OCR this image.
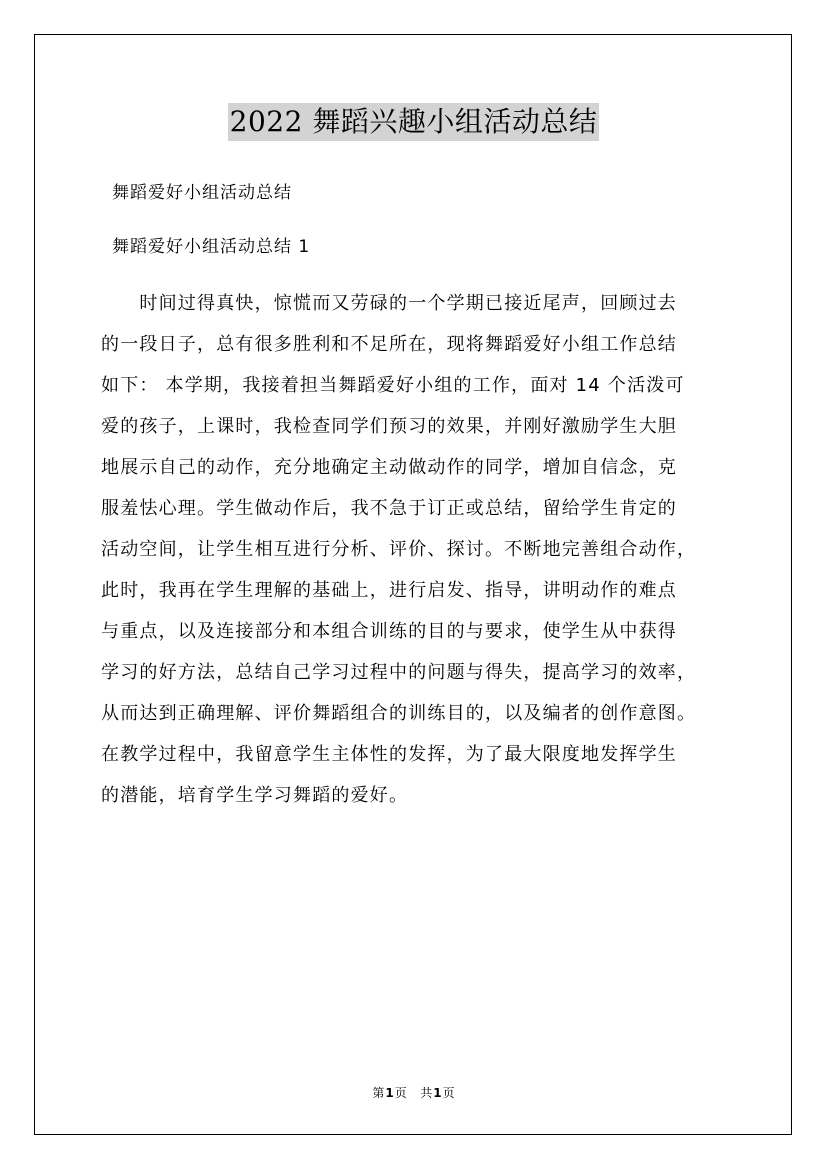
2022 舞蹈兴趣小组活动总结
舞蹈爱好小组活动总结
舞蹈爱好小组活动总结 1
　　时间过得真快，惊慌而又劳碌的一个学期已接近尾声，回顾过去
的一段日子，总有很多胜利和不足所在，现将舞蹈爱好小组工作总结
如下： 本学期，我接着担当舞蹈爱好小组的工作，面对 14 个活泼可
爱的孩子，上课时，我检查同学们预习的效果，并刚好激励学生大胆
地展示自己的动作，充分地确定主动做动作的同学，增加自信念，克
服羞怯心理。学生做动作后，我不急于订正或总结，留给学生肯定的
活动空间，让学生相互进行分析、评价、探讨。不断地完善组合动作，
此时，我再在学生理解的基础上，进行启发、指导，讲明动作的难点
与重点，以及连接部分和本组合训练的目的与要求，使学生从中获得
学习的好方法，总结自己学习过程中的问题与得失，提高学习的效率，
从而达到正确理解、评价舞蹈组合的训练目的，以及编者的创作意图。
在教学过程中，我留意学生主体性的发挥，为了最大限度地发挥学生
的潜能，培育学生学习舞蹈的爱好。
第1页 共1页
